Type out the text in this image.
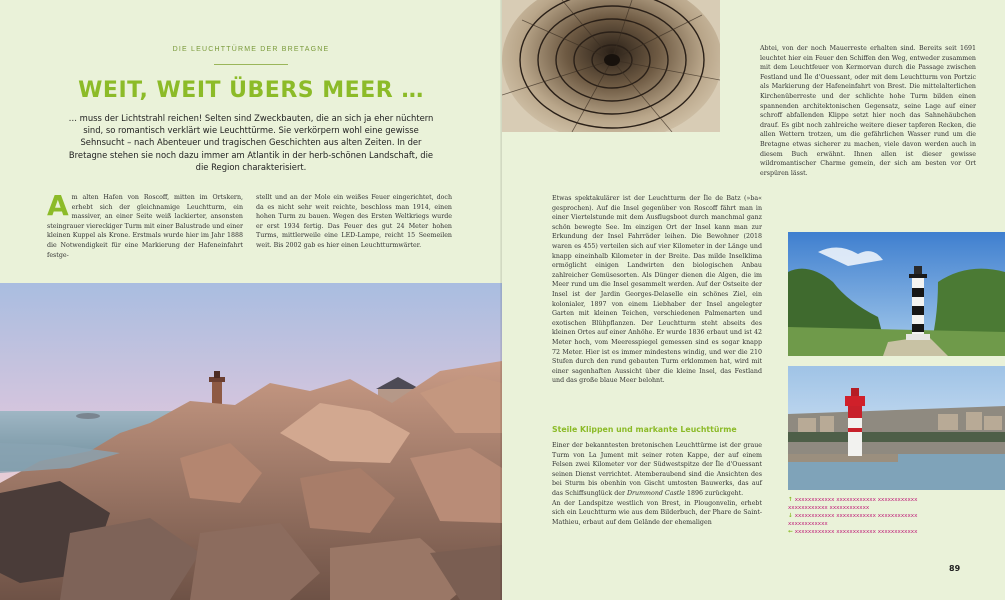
DIE LEUCHTTÜRME DER BRETAGNE
WEIT, WEIT ÜBERS MEER …
… muss der Lichtstrahl reichen! Selten sind Zweckbauten, die an sich ja eher nüchtern sind, so romantisch verklärt wie Leuchttürme. Sie verkörpern wohl eine gewisse Sehnsucht – nach Abenteuer und tragischen Geschichten aus alten Zeiten. In der Bretagne stehen sie noch dazu immer am Atlantik in der herb-schönen Landschaft, die die Region charakterisiert.
Am alten Hafen von Roscoff, mitten im Ortskern, erhebt sich der gleichnamige Leuchtturm, ein massiver, an einer Seite weiß lackierter, ansonsten steingrauer viereckiger Turm mit einer Balustrade und einer kleinen Kuppel als Krone. Erstmals wurde hier im Jahr 1888 die Notwendigkeit für eine Markierung der Hafeneinfahrt festge-
stellt und an der Mole ein weißes Feuer eingerichtet, doch da es nicht sehr weit reichte, beschloss man 1914, einen hohen Turm zu bauen. Wegen des Ersten Weltkriegs wurde er erst 1934 fertig. Das Feuer des gut 24 Meter hohen Turms, mittlerweile eine LED-Lampe, reicht 15 Seemeilen weit. Bis 2002 gab es hier einen Leuchtturmwärter.
Etwas spektakulärer ist der Leuchtturm der Île de Batz (»ba« gesprochen). Auf die Insel gegenüber von Roscoff fährt man in einer Viertelstunde mit dem Ausflugsboot durch manchmal ganz schön bewegte See. Im einzigen Ort der Insel kann man zur Erkundung der Insel Fahrräder leihen. Die Bewohner (2018 waren es 455) verteilen sich auf vier Kilometer in der Länge und knapp eineinhalb Kilometer in der Breite. Das milde Inselklima ermöglicht einigen Landwirten den biologischen Anbau zahlreicher Gemüsesorten. Als Dünger dienen die Algen, die im Meer rund um die Insel gesammelt werden. Auf der Ostseite der Insel ist der Jardin Georges-Delaselle ein schönes Ziel, ein kolonialer, 1897 von einem Liebhaber der Insel angelegter Garten mit kleinen Teichen, verschiedenen Palmenarten und exotischen Blühpflanzen. Der Leuchtturm steht abseits des kleinen Ortes auf einer Anhöhe. Er wurde 1836 erbaut und ist 42 Meter hoch, vom Meeresspiegel gemessen sind es sogar knapp 72 Meter. Hier ist es immer mindestens windig, und wer die 210 Stufen durch den rund gebauten Turm erklommen hat, wird mit einer sagenhaften Aussicht über die kleine Insel, das Festland und das große blaue Meer belohnt.
Steile Klippen und markante Leuchttürme
Einer der bekanntesten bretonischen Leuchttürme ist der graue Turm von La Jument mit seiner roten Kappe, der auf einem Felsen zwei Kilometer vor der Südwestspitze der Île d'Ouessant seinen Dienst verrichtet. Atemberaubend sind die Ansichten des bei Sturm bis obenhin von Gischt umtosten Bauwerks, das auf das Schiffsunglück der Drummond Castle 1896 zurückgeht.
An der Landspitze westlich von Brest, in Plougonvelin, erhebt sich ein Leuchtturm wie aus dem Bilderbuch, der Phare de Saint-Mathieu, erbaut auf dem Gelände der ehemaligen
Abtei, von der noch Mauerreste erhalten sind. Bereits seit 1691 leuchtet hier ein Feuer den Schiffen den Weg, entweder zusammen mit dem Leuchtfeuer von Kermorvan durch die Passage zwischen Festland und Île d'Ouessant, oder mit dem Leuchtturm von Portzic als Markierung der Hafeneinfahrt von Brest. Die mittelalterlichen Kirchenüberreste und der schlichte hohe Turm bilden einen spannenden architektonischen Gegensatz, seine Lage auf einer schroff abfallenden Klippe setzt hier noch das Sahnehäubchen drauf. Es gibt noch zahlreiche weitere dieser tapferen Recken, die allen Wettern trotzen, um die gefährlichen Wasser rund um die Bretagne etwas sicherer zu machen, viele davon werden auch in diesem Buch erwähnt. Ihnen allen ist dieser gewisse wildromantischer Charme gemein, der sich am besten vor Ort erspüren lässt.
↑ xxxxxxxxxxxx xxxxxxxxxxxx xxxxxxxxxxxx xxxxxxxxxxxx xxxxxxxxxxxx
↓ xxxxxxxxxxxx xxxxxxxxxxxx xxxxxxxxxxxx xxxxxxxxxxxx
← xxxxxxxxxxxx xxxxxxxxxxxx xxxxxxxxxxxx
89
